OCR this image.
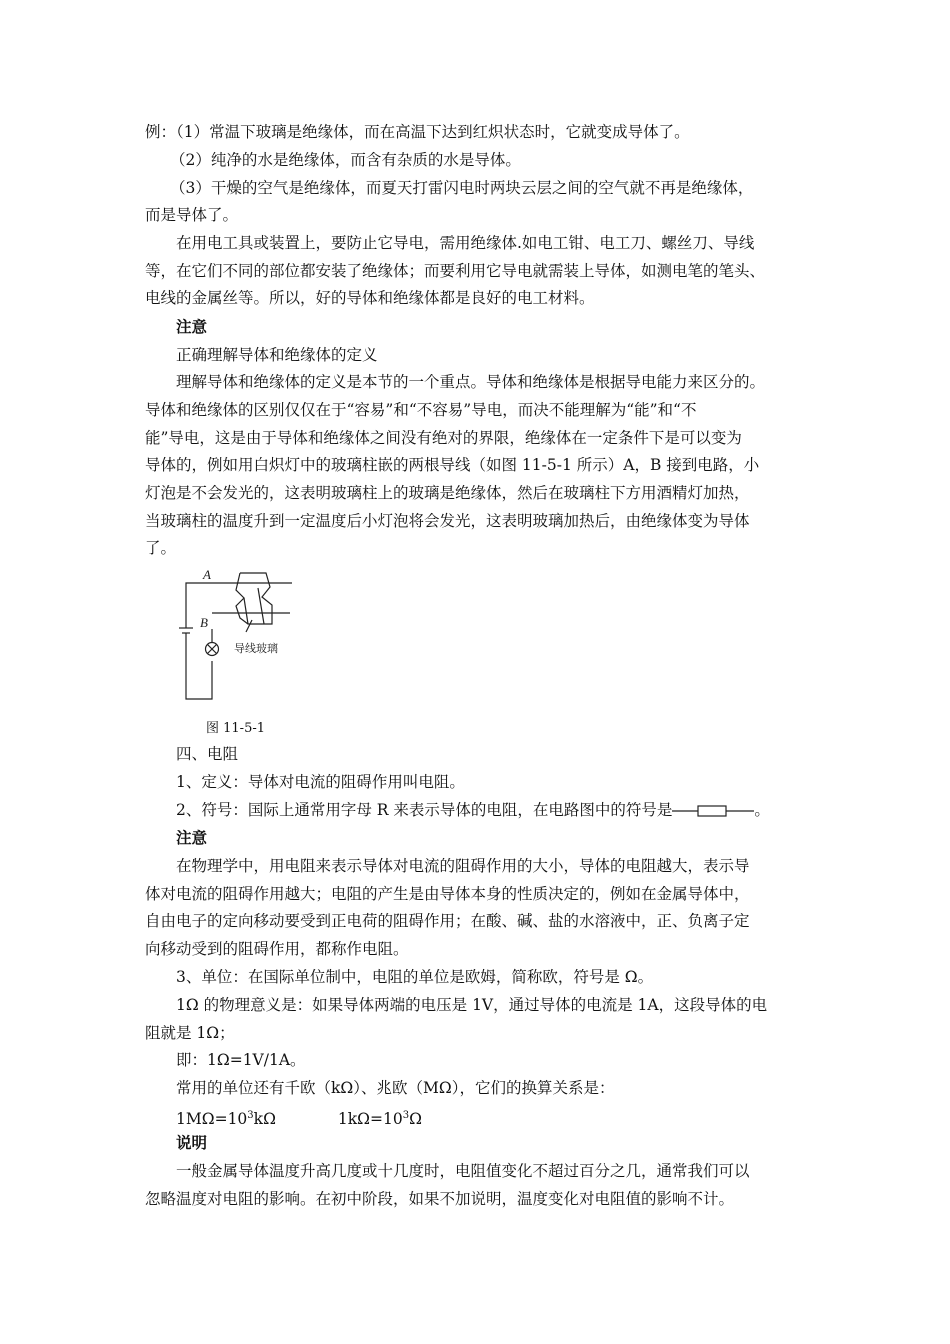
例：（1）常温下玻璃是绝缘体，而在高温下达到红炽状态时，它就变成导体了。
（2）纯净的水是绝缘体，而含有杂质的水是导体。
（3）干燥的空气是绝缘体，而夏天打雷闪电时两块云层之间的空气就不再是绝缘体，
而是导体了。
在用电工具或装置上，要防止它导电，需用绝缘体.如电工钳、电工刀、螺丝刀、导线
等，在它们不同的部位都安装了绝缘体；而要利用它导电就需装上导体，如测电笔的笔头、
电线的金属丝等。所以，好的导体和绝缘体都是良好的电工材料。
注意
正确理解导体和绝缘体的定义
理解导体和绝缘体的定义是本节的一个重点。导体和绝缘体是根据导电能力来区分的。
导体和绝缘体的区别仅仅在于“容易”和“不容易”导电，而决不能理解为“能”和“不
能”导电，这是由于导体和绝缘体之间没有绝对的界限，绝缘体在一定条件下是可以变为
导体的，例如用白炽灯中的玻璃柱嵌的两根导线（如图 11-5-1 所示）A，B 接到电路，小
灯泡是不会发光的，这表明玻璃柱上的玻璃是绝缘体，然后在玻璃柱下方用酒精灯加热，
当玻璃柱的温度升到一定温度后小灯泡将会发光，这表明玻璃加热后，由绝缘体变为导体
了。
A
B
导线玻璃
图 11-5-1
四、电阻
1、定义：导体对电流的阻碍作用叫电阻。
2、符号：国际上通常用字母 R 来表示导体的电阻，在电路图中的符号是	。
注意
在物理学中，用电阻来表示导体对电流的阻碍作用的大小，导体的电阻越大，表示导
体对电流的阻碍作用越大；电阻的产生是由导体本身的性质决定的，例如在金属导体中，
自由电子的定向移动要受到正电荷的阻碍作用；在酸、碱、盐的水溶液中，正、负离子定
向移动受到的阻碍作用，都称作电阻。
3、单位：在国际单位制中，电阻的单位是欧姆，简称欧，符号是 Ω。
1Ω 的物理意义是：如果导体两端的电压是 1V，通过导体的电流是 1A，这段导体的电
阻就是 1Ω；
即：1Ω=1V/1A。
常用的单位还有千欧（kΩ）、兆欧（MΩ），它们的换算关系是：
$1M\Omega=10^3k\Omega$	$1k\Omega=10^3\Omega$
说明
一般金属导体温度升高几度或十几度时，电阻值变化不超过百分之几，通常我们可以
忽略温度对电阻的影响。在初中阶段，如果不加说明，温度变化对电阻值的影响不计。
